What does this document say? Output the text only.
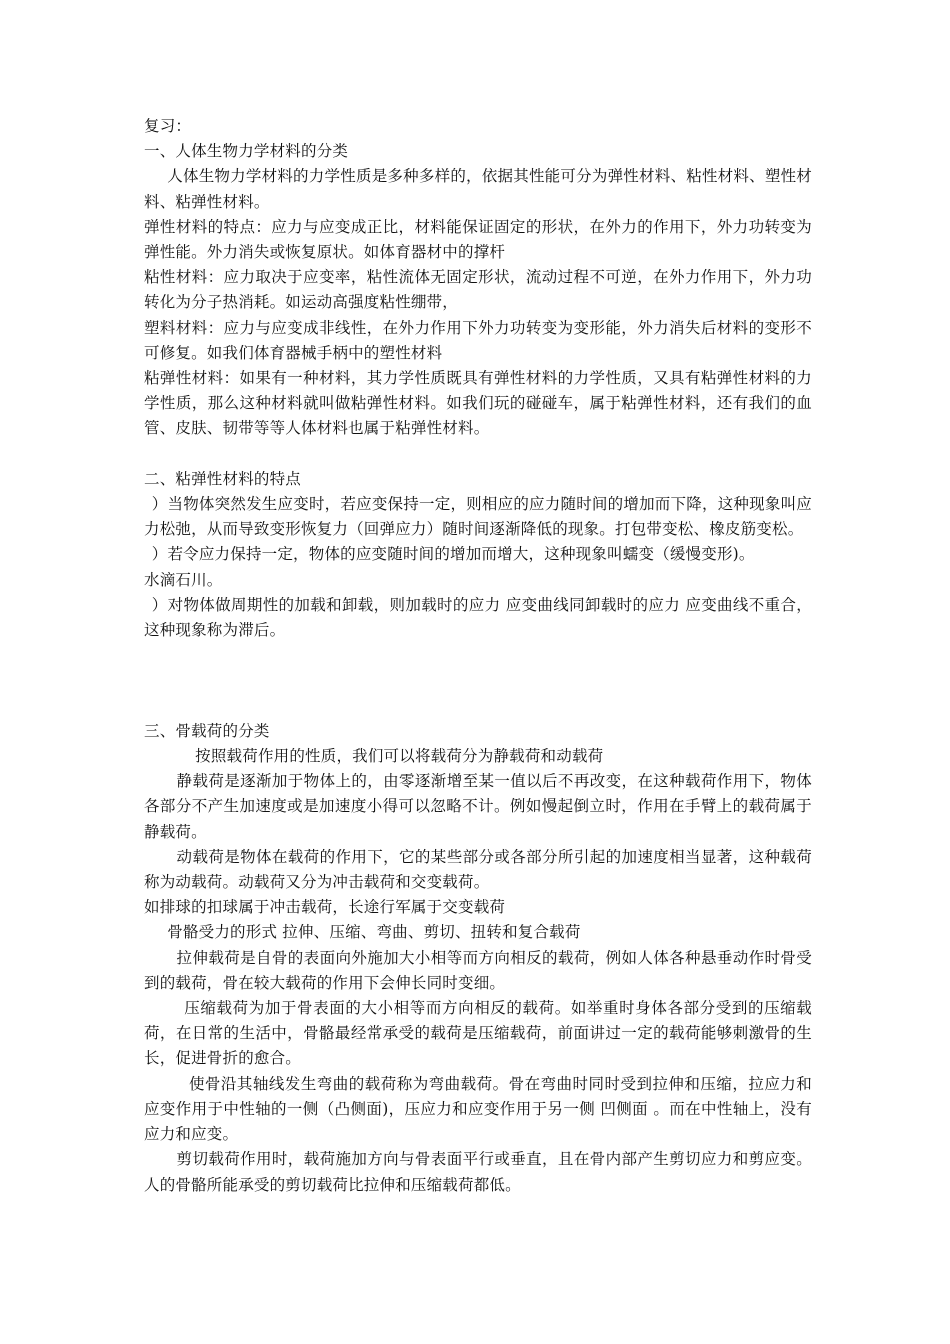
复习：

一、人体生物力学材料的分类

人体生物力学材料的力学性质是多种多样的，依据其性能可分为弹性材料、粘性材料、塑性材料、粘弹性材料。

弹性材料的特点：应力与应变成正比，材料能保证固定的形状，在外力的作用下，外力功转变为弹性能。外力消失或恢复原状。如体育器材中的撑杆

粘性材料：应力取决于应变率，粘性流体无固定形状，流动过程不可逆，在外力作用下，外力功转化为分子热消耗。如运动高强度粘性绷带，

塑料材料：应力与应变成非线性，在外力作用下外力功转变为变形能，外力消失后材料的变形不可修复。如我们体育器械手柄中的塑性材料

粘弹性材料：如果有一种材料，其力学性质既具有弹性材料的力学性质，又具有粘弹性材料的力学性质，那么这种材料就叫做粘弹性材料。如我们玩的碰碰车，属于粘弹性材料，还有我们的血管、皮肤、韧带等等人体材料也属于粘弹性材料。

二、粘弹性材料的特点

）当物体突然发生应变时，若应变保持一定，则相应的应力随时间的增加而下降，这种现象叫应力松弛，从而导致变形恢复力（回弹应力）随时间逐渐降低的现象。打包带变松、橡皮筋变松。

）若令应力保持一定，物体的应变随时间的增加而增大，这种现象叫蠕变（缓慢变形)。

水滴石川。

）对物体做周期性的加载和卸载，则加载时的应力 应变曲线同卸载时的应力 应变曲线不重合，这种现象称为滞后。

三、骨载荷的分类

按照载荷作用的性质，我们可以将载荷分为静载荷和动载荷

静载荷是逐渐加于物体上的，由零逐渐增至某一值以后不再改变，在这种载荷作用下，物体各部分不产生加速度或是加速度小得可以忽略不计。例如慢起倒立时，作用在手臂上的载荷属于静载荷。

动载荷是物体在载荷的作用下，它的某些部分或各部分所引起的加速度相当显著，这种载荷称为动载荷。动载荷又分为冲击载荷和交变载荷。

如排球的扣球属于冲击载荷，长途行军属于交变载荷

骨骼受力的形式 拉伸、压缩、弯曲、剪切、扭转和复合载荷

拉伸载荷是自骨的表面向外施加大小相等而方向相反的载荷，例如人体各种悬垂动作时骨受到的载荷，骨在较大载荷的作用下会伸长同时变细。

压缩载荷为加于骨表面的大小相等而方向相反的载荷。如举重时身体各部分受到的压缩载荷，在日常的生活中，骨骼最经常承受的载荷是压缩载荷，前面讲过一定的载荷能够刺激骨的生长，促进骨折的愈合。

使骨沿其轴线发生弯曲的载荷称为弯曲载荷。骨在弯曲时同时受到拉伸和压缩，拉应力和应变作用于中性轴的一侧（凸侧面)，压应力和应变作用于另一侧 凹侧面 。而在中性轴上，没有应力和应变。

剪切载荷作用时，载荷施加方向与骨表面平行或垂直，且在骨内部产生剪切应力和剪应变。人的骨骼所能承受的剪切载荷比拉伸和压缩载荷都低。
